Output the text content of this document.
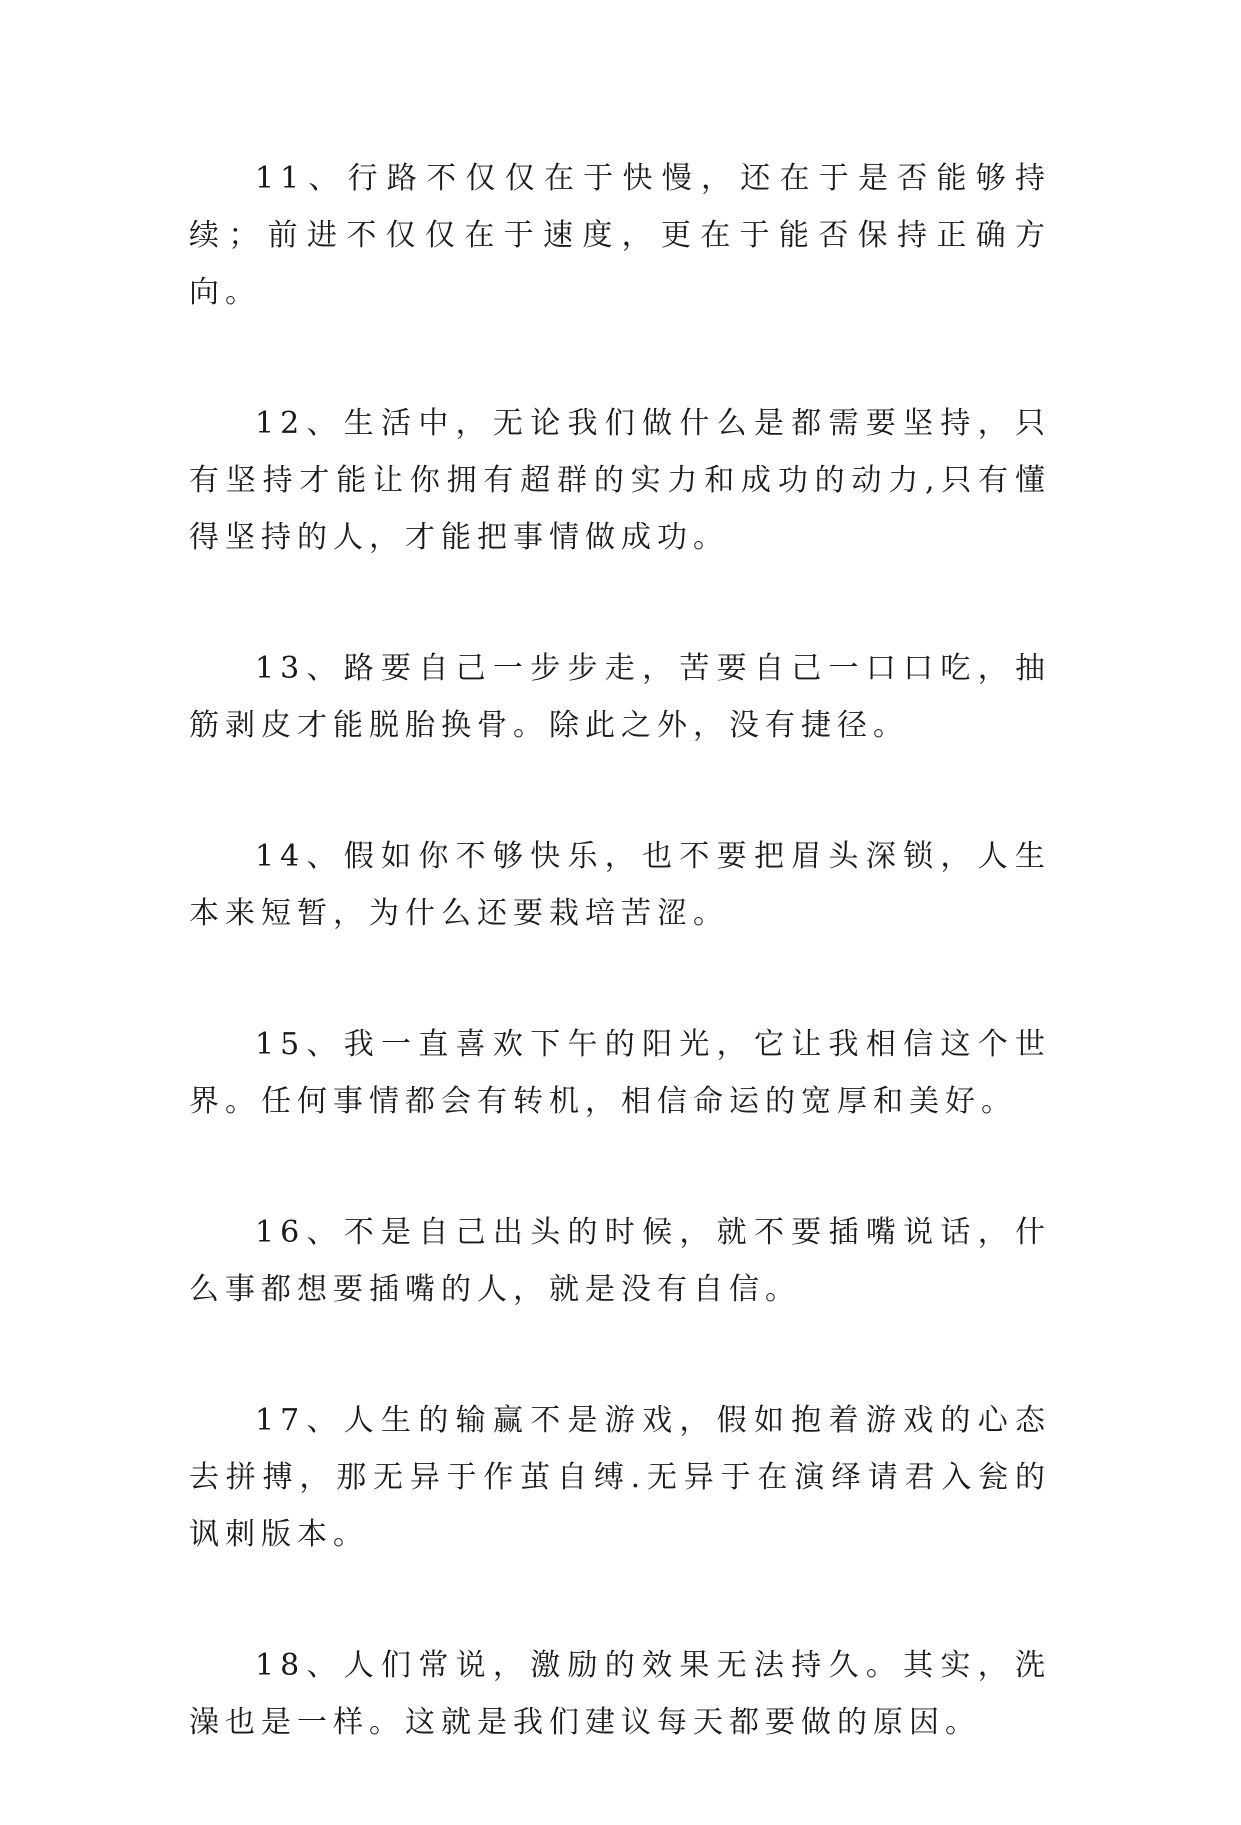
11、行路不仅仅在于快慢，还在于是否能够持续；前进不仅仅在于速度，更在于能否保持正确方向。

12、生活中，无论我们做什么是都需要坚持，只有坚持才能让你拥有超群的实力和成功的动力,只有懂得坚持的人，才能把事情做成功。

13、路要自己一步步走，苦要自己一口口吃，抽筋剥皮才能脱胎换骨。除此之外，没有捷径。

14、假如你不够快乐，也不要把眉头深锁，人生本来短暂，为什么还要栽培苦涩。

15、我一直喜欢下午的阳光，它让我相信这个世界。任何事情都会有转机，相信命运的宽厚和美好。

16、不是自己出头的时候，就不要插嘴说话，什么事都想要插嘴的人，就是没有自信。

17、人生的输赢不是游戏，假如抱着游戏的心态去拼搏，那无异于作茧自缚.无异于在演绎请君入瓮的讽刺版本。

18、人们常说，激励的效果无法持久。其实，洗澡也是一样。这就是我们建议每天都要做的原因。
